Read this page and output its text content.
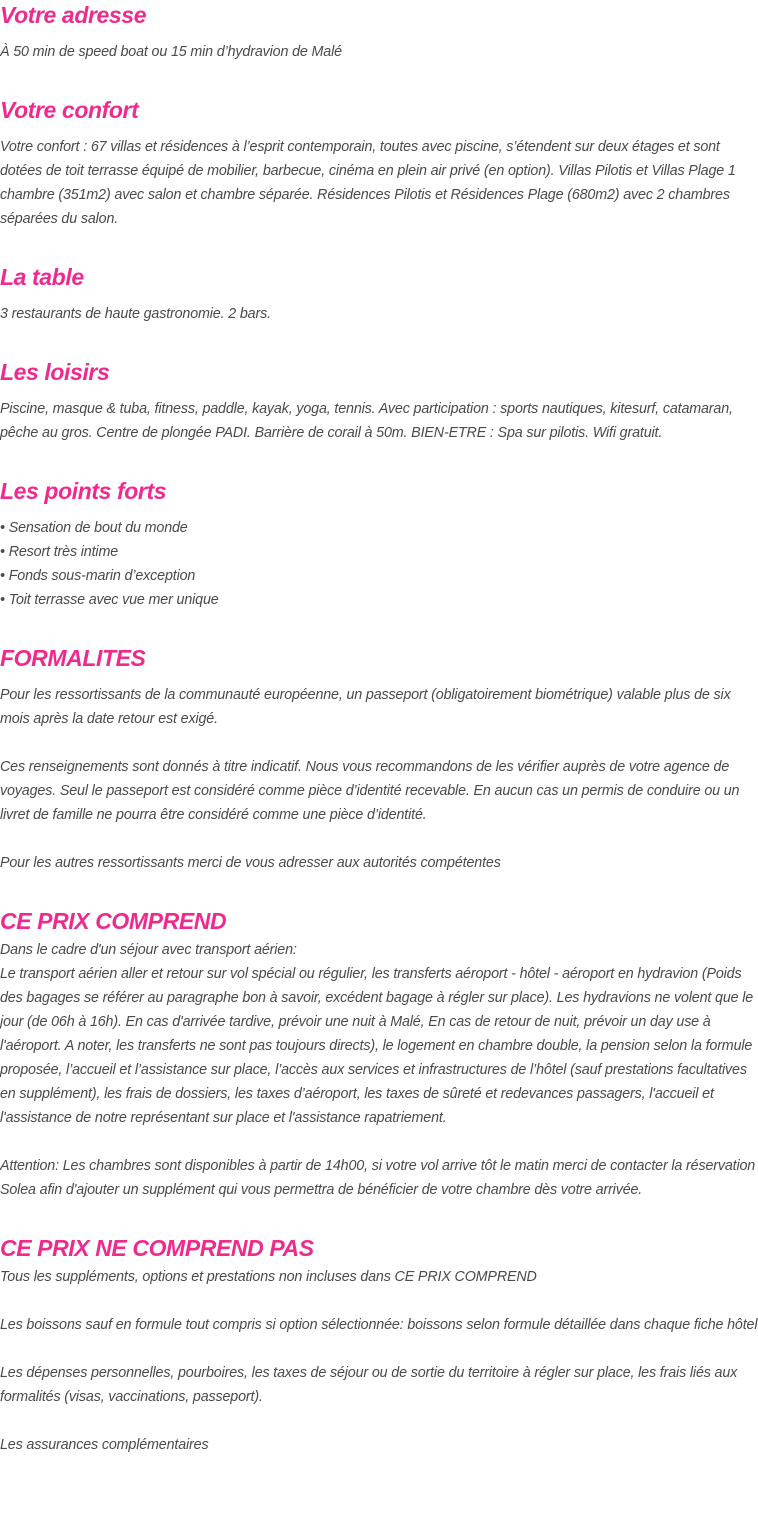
Votre adresse

À 50 min de speed boat ou 15 min d’hydravion de Malé

Votre confort

Votre confort : 67 villas et résidences à l’esprit contemporain, toutes avec piscine, s’étendent sur deux étages et sont dotées de toit terrasse équipé de mobilier, barbecue, cinéma en plein air privé (en option). Villas Pilotis et Villas Plage 1 chambre (351m2) avec salon et chambre séparée. Résidences Pilotis et Résidences Plage (680m2) avec 2 chambres séparées du salon.

La table

3 restaurants de haute gastronomie. 2 bars.

Les loisirs

Piscine, masque & tuba, fitness, paddle, kayak, yoga, tennis. Avec participation : sports nautiques, kitesurf, catamaran, pêche au gros. Centre de plongée PADI. Barrière de corail à 50m. BIEN-ETRE : Spa sur pilotis. Wifi gratuit.

Les points forts
• Sensation de bout du monde
• Resort très intime
• Fonds sous-marin d’exception
• Toit terrasse avec vue mer unique
FORMALITES

Pour les ressortissants de la communauté européenne, un passeport (obligatoirement biométrique) valable plus de six mois après la date retour est exigé.

Ces renseignements sont donnés à titre indicatif. Nous vous recommandons de les vérifier auprès de votre agence de voyages. Seul le passeport est considéré comme pièce d’identité recevable. En aucun cas un permis de conduire ou un livret de famille ne pourra être considéré comme une pièce d’identité.

Pour les autres ressortissants merci de vous adresser aux autorités compétentes

CE PRIX COMPREND

Dans le cadre d'un séjour avec transport aérien:

Le transport aérien aller et retour sur vol spécial ou régulier, les transferts aéroport - hôtel - aéroport en hydravion (Poids des bagages se référer au paragraphe bon à savoir, excédent bagage à régler sur place). Les hydravions ne volent que le jour (de 06h à 16h). En cas d'arrivée tardive, prévoir une nuit à Malé, En cas de retour de nuit, prévoir un day use à l'aéroport. A noter, les transferts ne sont pas toujours directs), le logement en chambre double, la pension selon la formule proposée, l’accueil et l’assistance sur place, l’accès aux services et infrastructures de l’hôtel (sauf prestations facultatives en supplément), les frais de dossiers, les taxes d’aéroport, les taxes de sûreté et redevances passagers, l'accueil et l'assistance de notre représentant sur place et l'assistance rapatriement.

Attention: Les chambres sont disponibles à partir de 14h00, si votre vol arrive tôt le matin merci de contacter la réservation Solea afin d'ajouter un supplément qui vous permettra de bénéficier de votre chambre dès votre arrivée.

CE PRIX NE COMPREND PAS

Tous les suppléments, options et prestations non incluses dans CE PRIX COMPREND

Les boissons sauf en formule tout compris si option sélectionnée: boissons selon formule détaillée dans chaque fiche hôtel

Les dépenses personnelles, pourboires, les taxes de séjour ou de sortie du territoire à régler sur place, les frais liés aux formalités (visas, vaccinations, passeport).

Les assurances complémentaires
